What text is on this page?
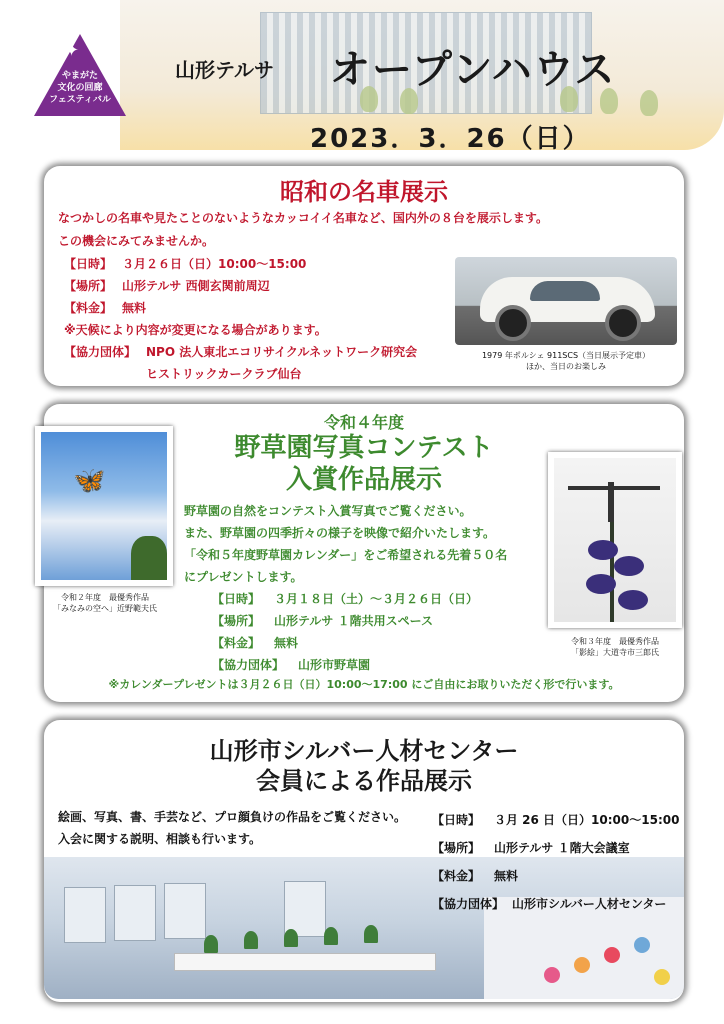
✦
やまがた
文化の回廊
フェスティバル
山形テルサ オープンハウス
2023．3．26（日）
昭和の名車展示
なつかしの名車や見たことのないようなカッコイイ名車など、国内外の８台を展示します。
この機会にみてみませんか。
【日時】 ３月２６日（日）10:00～15:00
【場所】 山形テルサ 西側玄関前周辺
【料金】 無料
※天候により内容が変更になる場合があります。
【協力団体】 NPO 法人東北エコリサイクルネットワーク研究会
ヒストリックカークラブ仙台
1979 年ポルシェ 911SCS（当日展示予定車）
ほか、当日のお楽しみ
令和４年度
野草園写真コンテスト
入賞作品展示
野草園の自然をコンテスト入賞写真でご覧ください。
また、野草園の四季折々の様子を映像で紹介いたします。
「令和５年度野草園カレンダー」をご希望される先着５０名
にプレゼントします。
【日時】 ３月１８日（土）～３月２６日（日）
【場所】 山形テルサ １階共用スペース
【料金】 無料
【協力団体】 山形市野草園
※カレンダープレゼントは３月２６日（日）10:00～17:00 にご自由にお取りいただく形で行います。
🦋
令和２年度　最優秀作品
「みなみの空へ」近野範夫氏
令和３年度　最優秀作品
「影絵」大道寺市三郎氏
山形市シルバー人材センター
会員による作品展示
絵画、写真、書、手芸など、プロ顔負けの作品をご覧ください。
入会に関する説明、相談も行います。
【日時】 ３月 26 日（日）10:00～15:00
【場所】 山形テルサ １階大会議室
【料金】 無料
【協力団体】 山形市シルバー人材センター
